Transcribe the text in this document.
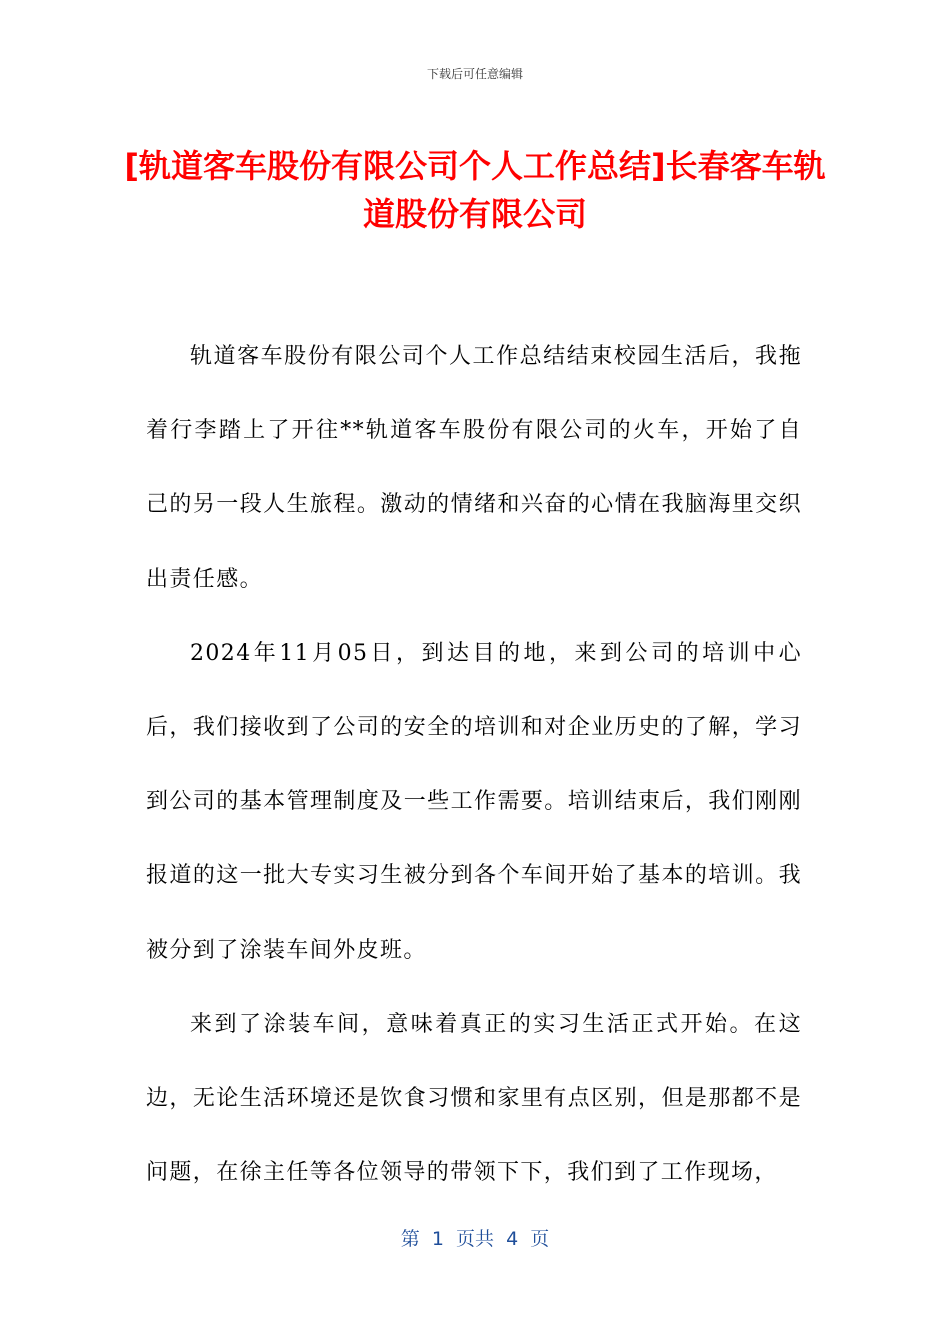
下载后可任意编辑
[轨道客车股份有限公司个人工作总结]长春客车轨道股份有限公司

轨道客车股份有限公司个人工作总结结束校园生活后，我拖着行李踏上了开往**轨道客车股份有限公司的火车，开始了自己的另一段人生旅程。激动的情绪和兴奋的心情在我脑海里交织出责任感。

2024年11月05日，到达目的地，来到公司的培训中心后，我们接收到了公司的安全的培训和对企业历史的了解，学习到公司的基本管理制度及一些工作需要。培训结束后，我们刚刚报道的这一批大专实习生被分到各个车间开始了基本的培训。我被分到了涂装车间外皮班。

来到了涂装车间，意味着真正的实习生活正式开始。在这边，无论生活环境还是饮食习惯和家里有点区别，但是那都不是问题，在徐主任等各位领导的带领下下，我们到了工作现场，

第  1  页共  4  页
